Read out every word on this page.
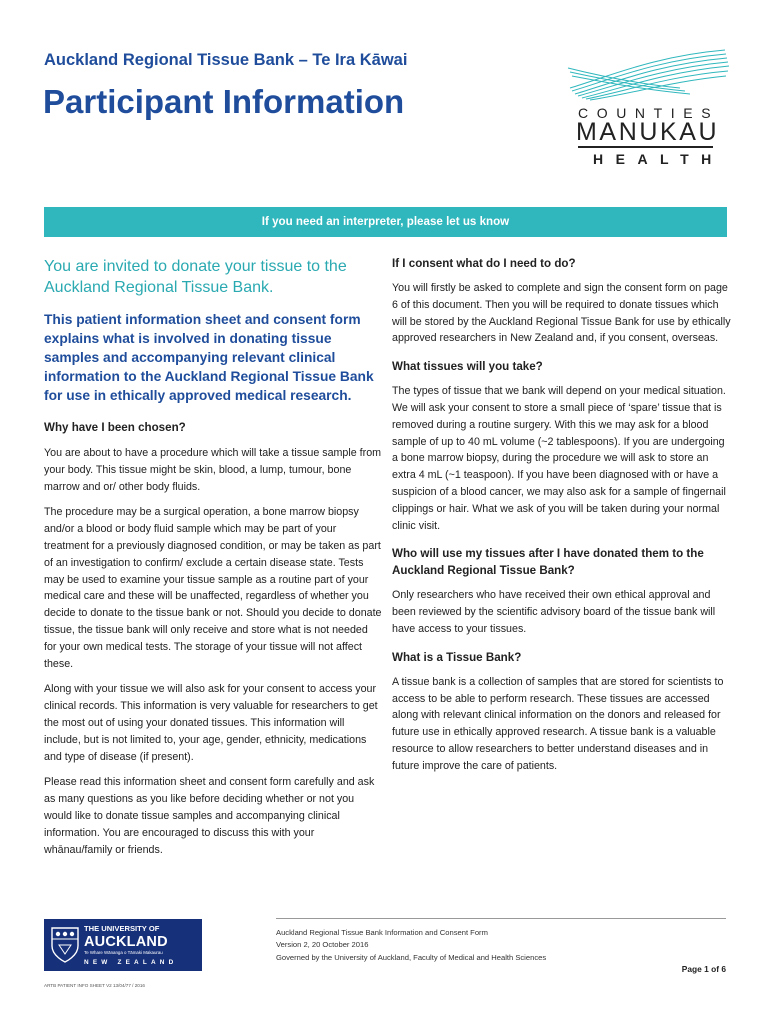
Auckland Regional Tissue Bank – Te Ira Kāwai
Participant Information	COUNTIES
MANUKAU
HEALTH
If you need an interpreter, please let us know
You are invited to donate your tissue to the Auckland Regional Tissue Bank.
This patient information sheet and consent form explains what is involved in donating tissue samples and accompanying relevant clinical information to the Auckland Regional Tissue Bank for use in ethically approved medical research.
Why have I been chosen?

You are about to have a procedure which will take a tissue sample from your body. This tissue might be skin, blood, a lump, tumour, bone marrow and or/ other body fluids.

The procedure may be a surgical operation, a bone marrow biopsy and/or a blood or body fluid sample which may be part of your treatment for a previously diagnosed condition, or may be taken as part of an investigation to confirm/ exclude a certain disease state. Tests may be used to examine your tissue sample as a routine part of your medical care and these will be unaffected, regardless of whether you decide to donate to the tissue bank or not. Should you decide to donate tissue, the tissue bank will only receive and store what is not needed for your own medical tests. The storage of your tissue will not affect these.

Along with your tissue we will also ask for your consent to access your clinical records. This information is very valuable for researchers to get the most out of using your donated tissues. This information will include, but is not limited to, your age, gender, ethnicity, medications and type of disease (if present).

Please read this information sheet and consent form carefully and ask as many questions as you like before deciding whether or not you would like to donate tissue samples and accompanying clinical information. You are encouraged to discuss this with your whānau/family or friends.

If I consent what do I need to do?

You will firstly be asked to complete and sign the consent form on page 6 of this document. Then you will be required to donate tissues which will be stored by the Auckland Regional Tissue Bank for use by ethically approved researchers in New Zealand and, if you consent, overseas.

What tissues will you take?

The types of tissue that we bank will depend on your medical situation. We will ask your consent to store a small piece of ‘spare’ tissue that is removed during a routine surgery. With this we may ask for a blood sample of up to 40 mL volume (~2 tablespoons). If you are undergoing a bone marrow biopsy, during the procedure we will ask to store an extra 4 mL (~1 teaspoon). If you have been diagnosed with or have a suspicion of a blood cancer, we may also ask for a sample of fingernail clippings or hair. What we ask of you will be taken during your normal clinic visit.

Who will use my tissues after I have donated them to the Auckland Regional Tissue Bank?

Only researchers who have received their own ethical approval and been reviewed by the scientific advisory board of the tissue bank will have access to your tissues.

What is a Tissue Bank?

A tissue bank is a collection of samples that are stored for scientists to access to be able to perform research. These tissues are accessed along with relevant clinical information on the donors and released for future use in ethically approved research. A tissue bank is a valuable resource to allow researchers to better understand diseases and in future improve the care of patients.

THE UNIVERSITY OF
AUCKLAND
Te Whare Wānanga o Tāmaki Makaurau
NEW ZEALAND
ARTB PATIENT INFO SHEET V2 13/04/77 / 2016
Auckland Regional Tissue Bank Information and Consent Form
Version 2, 20 October 2016
Governed by the University of Auckland, Faculty of Medical and Health Sciences
Page 1 of 6
